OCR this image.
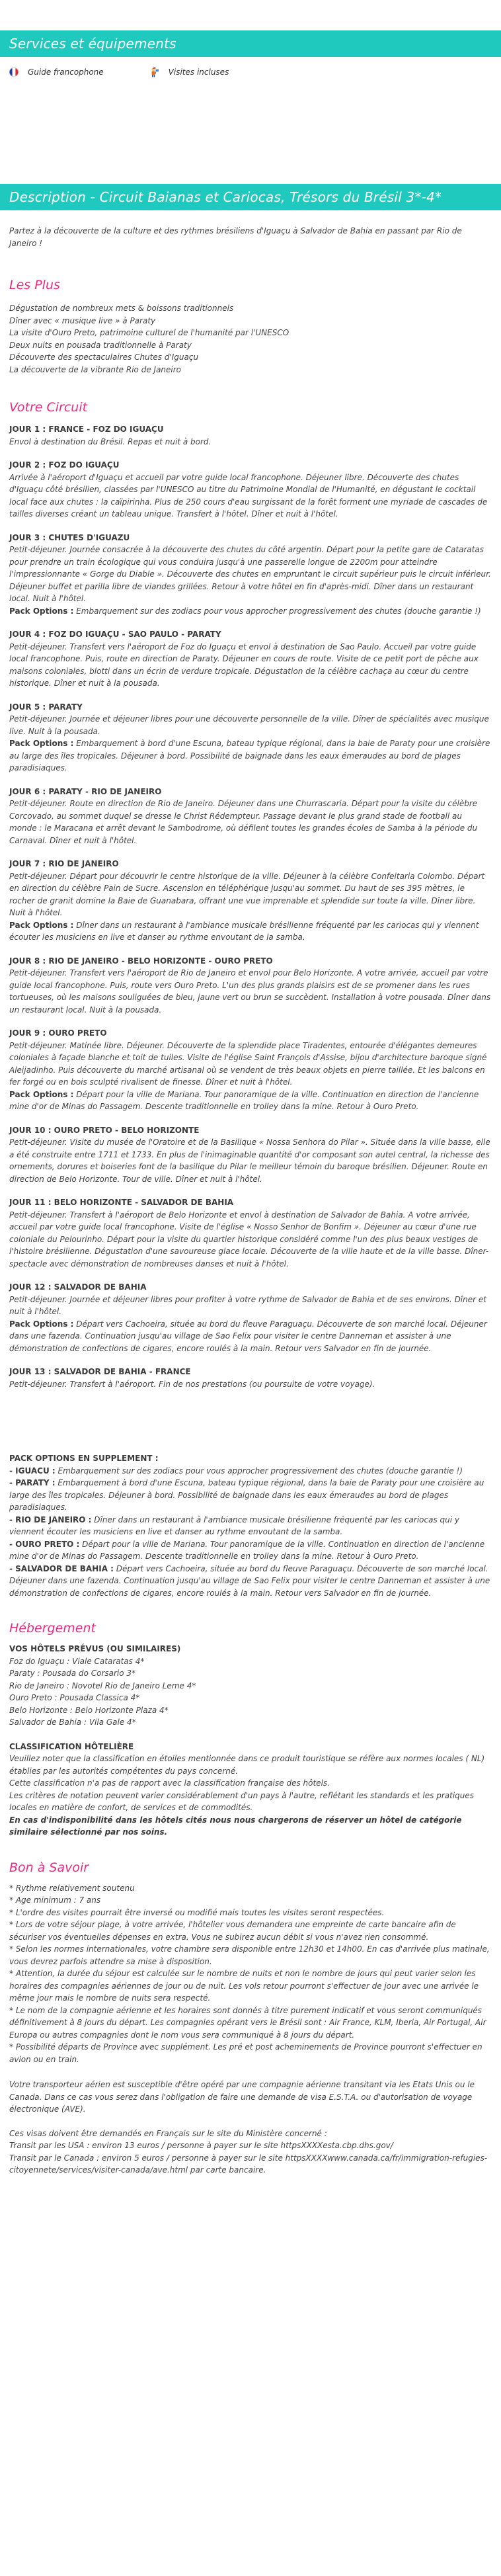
Services et équipements
Guide francophone	Visites incluses
Description - Circuit Baianas et Cariocas, Trésors du Brésil 3*-4*

Partez à la découverte de la culture et des rythmes brésiliens d'Iguaçu à Salvador de Bahia en passant par Rio de Janeiro !

Les Plus
Dégustation de nombreux mets & boissons traditionnels
Dîner avec « musique live » à Paraty
La visite d'Ouro Preto, patrimoine culturel de l'humanité par l'UNESCO
Deux nuits en pousada traditionnelle à Paraty
Découverte des spectaculaires Chutes d'Iguaçu
La découverte de la vibrante Rio de Janeiro
Votre Circuit
JOUR 1 : FRANCE - FOZ DO IGUAÇU
Envol à destination du Brésil. Repas et nuit à bord.
JOUR 2 : FOZ DO IGUAÇU
Arrivée à l'aéroport d'Iguaçu et accueil par votre guide local francophone. Déjeuner libre. Découverte des chutes d'Iguaçu côté brésilien, classées par l'UNESCO au titre du Patrimoine Mondial de l'Humanité, en dégustant le cocktail local face aux chutes : la caïpirinha. Plus de 250 cours d'eau surgissant de la forêt forment une myriade de cascades de tailles diverses créant un tableau unique. Transfert à l'hôtel. Dîner et nuit à l'hôtel.
JOUR 3 : CHUTES D'IGUAZU
Petit-déjeuner. Journée consacrée à la découverte des chutes du côté argentin. Départ pour la petite gare de Cataratas pour prendre un train écologique qui vous conduira jusqu'à une passerelle longue de 2200m pour atteindre l'impressionnante « Gorge du Diable ». Découverte des chutes en empruntant le circuit supérieur puis le circuit inférieur. Déjeuner buffet et parilla libre de viandes grillées. Retour à votre hôtel en fin d'après-midi. Dîner dans un restaurant local. Nuit à l'hôtel.
Pack Options : Embarquement sur des zodiacs pour vous approcher progressivement des chutes (douche garantie !)
JOUR 4 : FOZ DO IGUAÇU - SAO PAULO - PARATY
Petit-déjeuner. Transfert vers l'aéroport de Foz do Iguaçu et envol à destination de Sao Paulo. Accueil par votre guide local francophone. Puis, route en direction de Paraty. Déjeuner en cours de route. Visite de ce petit port de pêche aux maisons coloniales, blotti dans un écrin de verdure tropicale. Dégustation de la célèbre cachaça au cœur du centre historique. Dîner et nuit à la pousada.
JOUR 5 : PARATY
Petit-déjeuner. Journée et déjeuner libres pour une découverte personnelle de la ville. Dîner de spécialités avec musique live. Nuit à la pousada.
Pack Options : Embarquement à bord d'une Escuna, bateau typique régional, dans la baie de Paraty pour une croisière au large des îles tropicales. Déjeuner à bord. Possibilité de baignade dans les eaux émeraudes au bord de plages paradisiaques.
JOUR 6 : PARATY - RIO DE JANEIRO
Petit-déjeuner. Route en direction de Rio de Janeiro. Déjeuner dans une Churrascaria. Départ pour la visite du célèbre Corcovado, au sommet duquel se dresse le Christ Rédempteur. Passage devant le plus grand stade de football au monde : le Maracana et arrêt devant le Sambodrome, où défilent toutes les grandes écoles de Samba à la période du Carnaval. Dîner et nuit à l'hôtel.
JOUR 7 : RIO DE JANEIRO
Petit-déjeuner. Départ pour découvrir le centre historique de la ville. Déjeuner à la célèbre Confeitaria Colombo. Départ en direction du célèbre Pain de Sucre. Ascension en téléphérique jusqu'au sommet. Du haut de ses 395 mètres, le rocher de granit domine la Baie de Guanabara, offrant une vue imprenable et splendide sur toute la ville. Dîner libre. Nuit à l'hôtel.
Pack Options : Dîner dans un restaurant à l'ambiance musicale brésilienne fréquenté par les cariocas qui y viennent écouter les musiciens en live et danser au rythme envoutant de la samba.
JOUR 8 : RIO DE JANEIRO - BELO HORIZONTE - OURO PRETO
Petit-déjeuner. Transfert vers l'aéroport de Rio de Janeiro et envol pour Belo Horizonte. A votre arrivée, accueil par votre guide local francophone. Puis, route vers Ouro Preto. L'un des plus grands plaisirs est de se promener dans les rues tortueuses, où les maisons souliguées de bleu, jaune vert ou brun se succèdent. Installation à votre pousada. Dîner dans un restaurant local. Nuit à la pousada.
JOUR 9 : OURO PRETO
Petit-déjeuner. Matinée libre. Déjeuner. Découverte de la splendide place Tiradentes, entourée d'élégantes demeures coloniales à façade blanche et toit de tuiles. Visite de l'église Saint François d'Assise, bijou d'architecture baroque signé Aleijadinho. Puis découverte du marché artisanal où se vendent de très beaux objets en pierre taillée. Et les balcons en fer forgé ou en bois sculpté rivalisent de finesse. Dîner et nuit à l'hôtel.
Pack Options : Départ pour la ville de Mariana. Tour panoramique de la ville. Continuation en direction de l'ancienne mine d'or de Minas do Passagem. Descente traditionnelle en trolley dans la mine. Retour à Ouro Preto.
JOUR 10 : OURO PRETO - BELO HORIZONTE
Petit-déjeuner. Visite du musée de l'Oratoire et de la Basilique « Nossa Senhora do Pilar ». Située dans la ville basse, elle a été construite entre 1711 et 1733. En plus de l'inimaginable quantité d'or composant son autel central, la richesse des ornements, dorures et boiseries font de la basilique du Pilar le meilleur témoin du baroque brésilien. Déjeuner. Route en direction de Belo Horizonte. Tour de ville. Dîner et nuit à l'hôtel.
JOUR 11 : BELO HORIZONTE - SALVADOR DE BAHIA
Petit-déjeuner. Transfert à l'aéroport de Belo Horizonte et envol à destination de Salvador de Bahia. A votre arrivée, accueil par votre guide local francophone. Visite de l'église « Nosso Senhor de Bonfim ». Déjeuner au cœur d'une rue coloniale du Pelourinho. Départ pour la visite du quartier historique considéré comme l'un des plus beaux vestiges de l'histoire brésilienne. Dégustation d'une savoureuse glace locale. Découverte de la ville haute et de la ville basse. Dîner-spectacle avec démonstration de nombreuses danses et nuit à l'hôtel.
JOUR 12 : SALVADOR DE BAHIA
Petit-déjeuner. Journée et déjeuner libres pour profiter à votre rythme de Salvador de Bahia et de ses environs. Dîner et nuit à l'hôtel.
Pack Options : Départ vers Cachoeira, située au bord du fleuve Paraguaçu. Découverte de son marché local. Déjeuner dans une fazenda. Continuation jusqu'au village de Sao Felix pour visiter le centre Danneman et assister à une démonstration de confections de cigares, encore roulés à la main. Retour vers Salvador en fin de journée.
JOUR 13 : SALVADOR DE BAHIA - FRANCE
Petit-déjeuner. Transfert à l'aéroport. Fin de nos prestations (ou poursuite de votre voyage).
PACK OPTIONS EN SUPPLEMENT :
- IGUACU : Embarquement sur des zodiacs pour vous approcher progressivement des chutes (douche garantie !)
- PARATY : Embarquement à bord d'une Escuna, bateau typique régional, dans la baie de Paraty pour une croisière au large des îles tropicales. Déjeuner à bord. Possibilité de baignade dans les eaux émeraudes au bord de plages paradisiaques.
- RIO DE JANEIRO : Dîner dans un restaurant à l'ambiance musicale brésilienne fréquenté par les cariocas qui y viennent écouter les musiciens en live et danser au rythme envoutant de la samba.
- OURO PRETO : Départ pour la ville de Mariana. Tour panoramique de la ville. Continuation en direction de l'ancienne mine d'or de Minas do Passagem. Descente traditionnelle en trolley dans la mine. Retour à Ouro Preto.
- SALVADOR DE BAHIA : Départ vers Cachoeira, située au bord du fleuve Paraguaçu. Découverte de son marché local. Déjeuner dans une fazenda. Continuation jusqu'au village de Sao Felix pour visiter le centre Danneman et assister à une démonstration de confections de cigares, encore roulés à la main. Retour vers Salvador en fin de journée.
Hébergement
VOS HÔTELS PRÉVUS (OU SIMILAIRES)
Foz do Iguaçu : Viale Cataratas 4*
Paraty : Pousada do Corsario 3*
Rio de Janeiro : Novotel Rio de Janeiro Leme 4*
Ouro Preto : Pousada Classica 4*
Belo Horizonte : Belo Horizonte Plaza 4*
Salvador de Bahia : Vila Gale 4*
CLASSIFICATION HÔTELIÈRE

Veuillez noter que la classification en étoiles mentionnée dans ce produit touristique se réfère aux normes locales ( NL) établies par les autorités compétentes du pays concerné.
Cette classification n'a pas de rapport avec la classification française des hôtels.
Les critères de notation peuvent varier considérablement d'un pays à l'autre, reflétant les standards et les pratiques locales en matière de confort, de services et de commodités.

En cas d'indisponibilité dans les hôtels cités nous nous chargerons de réserver un hôtel de catégorie similaire sélectionné par nos soins.

Bon à Savoir
* Rythme relativement soutenu
* Age minimum : 7 ans
* L'ordre des visites pourrait être inversé ou modifié mais toutes les visites seront respectées.
* Lors de votre séjour plage, à votre arrivée, l'hôtelier vous demandera une empreinte de carte bancaire afin de sécuriser vos éventuelles dépenses en extra. Vous ne subirez aucun débit si vous n'avez rien consommé.
* Selon les normes internationales, votre chambre sera disponible entre 12h30 et 14h00. En cas d'arrivée plus matinale, vous devrez parfois attendre sa mise à disposition.
* Attention, la durée du séjour est calculée sur le nombre de nuits et non le nombre de jours qui peut varier selon les horaires des compagnies aériennes de jour ou de nuit. Les vols retour pourront s'effectuer de jour avec une arrivée le même jour mais le nombre de nuits sera respecté.
* Le nom de la compagnie aérienne et les horaires sont donnés à titre purement indicatif et vous seront communiqués définitivement à 8 jours du départ. Les compagnies opérant vers le Brésil sont : Air France, KLM, Iberia, Air Portugal, Air Europa ou autres compagnies dont le nom vous sera communiqué à 8 jours du départ.
* Possibilité départs de Province avec supplément. Les pré et post acheminements de Province pourront s'effectuer en avion ou en train.

Votre transporteur aérien est susceptible d'être opéré par une compagnie aérienne transitant via les Etats Unis ou le Canada. Dans ce cas vous serez dans l'obligation de faire une demande de visa E.S.T.A. ou d'autorisation de voyage électronique (AVE).

Ces visas doivent être demandés en Français sur le site du Ministère concerné :
Transit par les USA : environ 13 euros / personne à payer sur le site httpsXXXXesta.cbp.dhs.gov/
Transit par le Canada : environ 5 euros / personne à payer sur le site httpsXXXXwww.canada.ca/fr/immigration-refugies-citoyennete/services/visiter-canada/ave.html par carte bancaire.
